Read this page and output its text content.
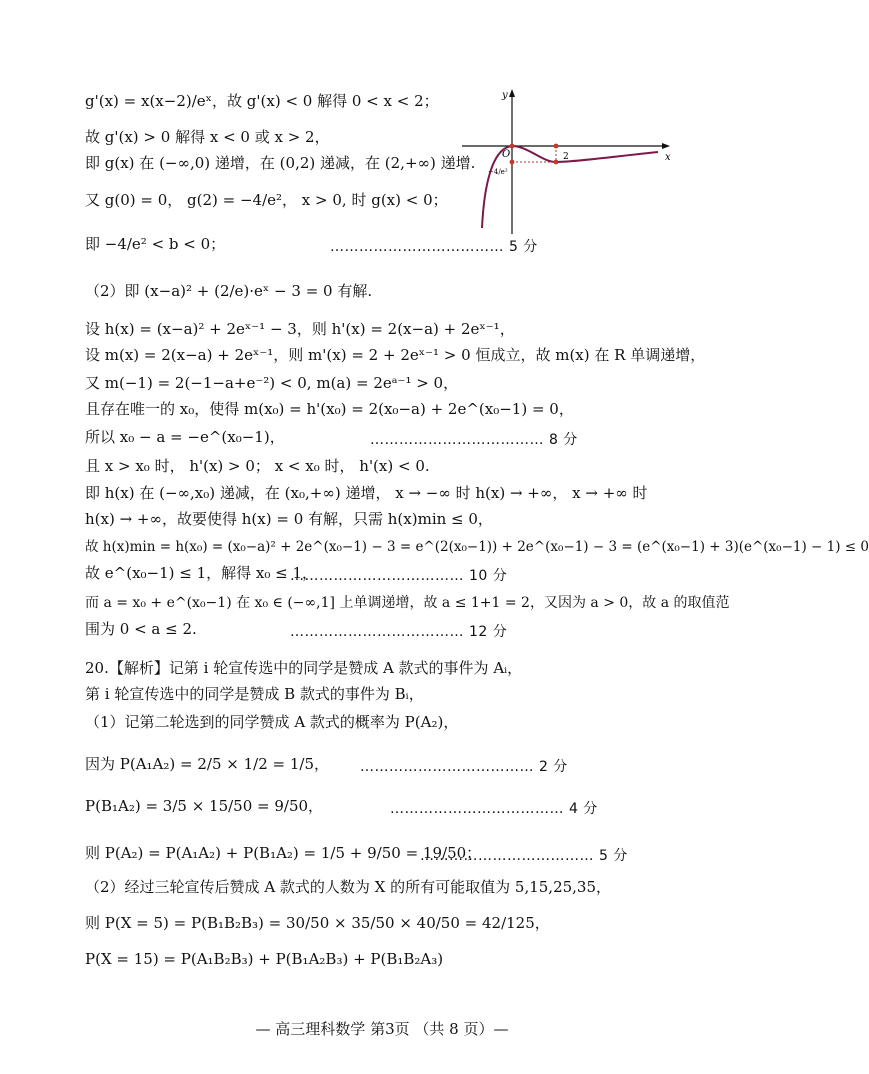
g'(x) = x(x−2)/eˣ，故 g'(x) < 0 解得 0 < x < 2；
故 g'(x) > 0 解得 x < 0 或 x > 2，
即 g(x) 在 (−∞,0) 递增，在 (0,2) 递减，在 (2,+∞) 递增.
又 g(0) = 0， g(2) = −4/e²， x > 0, 时 g(x) < 0；
即 −4/e² < b < 0；	……………………………… 5 分
（2）即 (x−a)² + (2/e)·eˣ − 3 = 0 有解.
设 h(x) = (x−a)² + 2eˣ⁻¹ − 3，则 h'(x) = 2(x−a) + 2eˣ⁻¹，
设 m(x) = 2(x−a) + 2eˣ⁻¹，则 m'(x) = 2 + 2eˣ⁻¹ > 0 恒成立，故 m(x) 在 R 单调递增，
又 m(−1) = 2(−1−a+e⁻²) < 0, m(a) = 2eᵃ⁻¹ > 0，
且存在唯一的 x₀，使得 m(x₀) = h'(x₀) = 2(x₀−a) + 2e^(x₀−1) = 0，
所以 x₀ − a = −e^(x₀−1)，	……………………………… 8 分
且 x > x₀ 时， h'(x) > 0； x < x₀ 时， h'(x) < 0.
即 h(x) 在 (−∞,x₀) 递减，在 (x₀,+∞) 递增， x → −∞ 时 h(x) → +∞， x → +∞ 时
h(x) → +∞，故要使得 h(x) = 0 有解，只需 h(x)min ≤ 0，
故 h(x)min = h(x₀) = (x₀−a)² + 2e^(x₀−1) − 3 = e^(2(x₀−1)) + 2e^(x₀−1) − 3 = (e^(x₀−1) + 3)(e^(x₀−1) − 1) ≤ 0
故 e^(x₀−1) ≤ 1，解得 x₀ ≤ 1，
……………………………… 10 分
而 a = x₀ + e^(x₀−1) 在 x₀ ∈ (−∞,1] 上单调递增，故 a ≤ 1+1 = 2，又因为 a > 0，故 a 的取值范
围为 0 < a ≤ 2.	……………………………… 12 分
20.【解析】记第 i 轮宣传选中的同学是赞成 A 款式的事件为 Aᵢ，
第 i 轮宣传选中的同学是赞成 B 款式的事件为 Bᵢ，
（1）记第二轮选到的同学赞成 A 款式的概率为 P(A₂)，
因为 P(A₁A₂) = 2/5 × 1/2 = 1/5， ……………………………… 2 分
P(B₁A₂) = 3/5 × 15/50 = 9/50，	……………………………… 4 分
则 P(A₂) = P(A₁A₂) + P(B₁A₂) = 1/5 + 9/50 = 19/50；
……………………………… 5 分
（2）经过三轮宣传后赞成 A 款式的人数为 X 的所有可能取值为 5,15,25,35，
则 P(X = 5) = P(B₁B₂B₃) = 30/50 × 35/50 × 40/50 = 42/125，
P(X = 15) = P(A₁B₂B₃) + P(B₁A₂B₃) + P(B₁B₂A₃)
y
x
O	2
−4/e²
— 高三理科数学 第3页 （共 8 页）—
